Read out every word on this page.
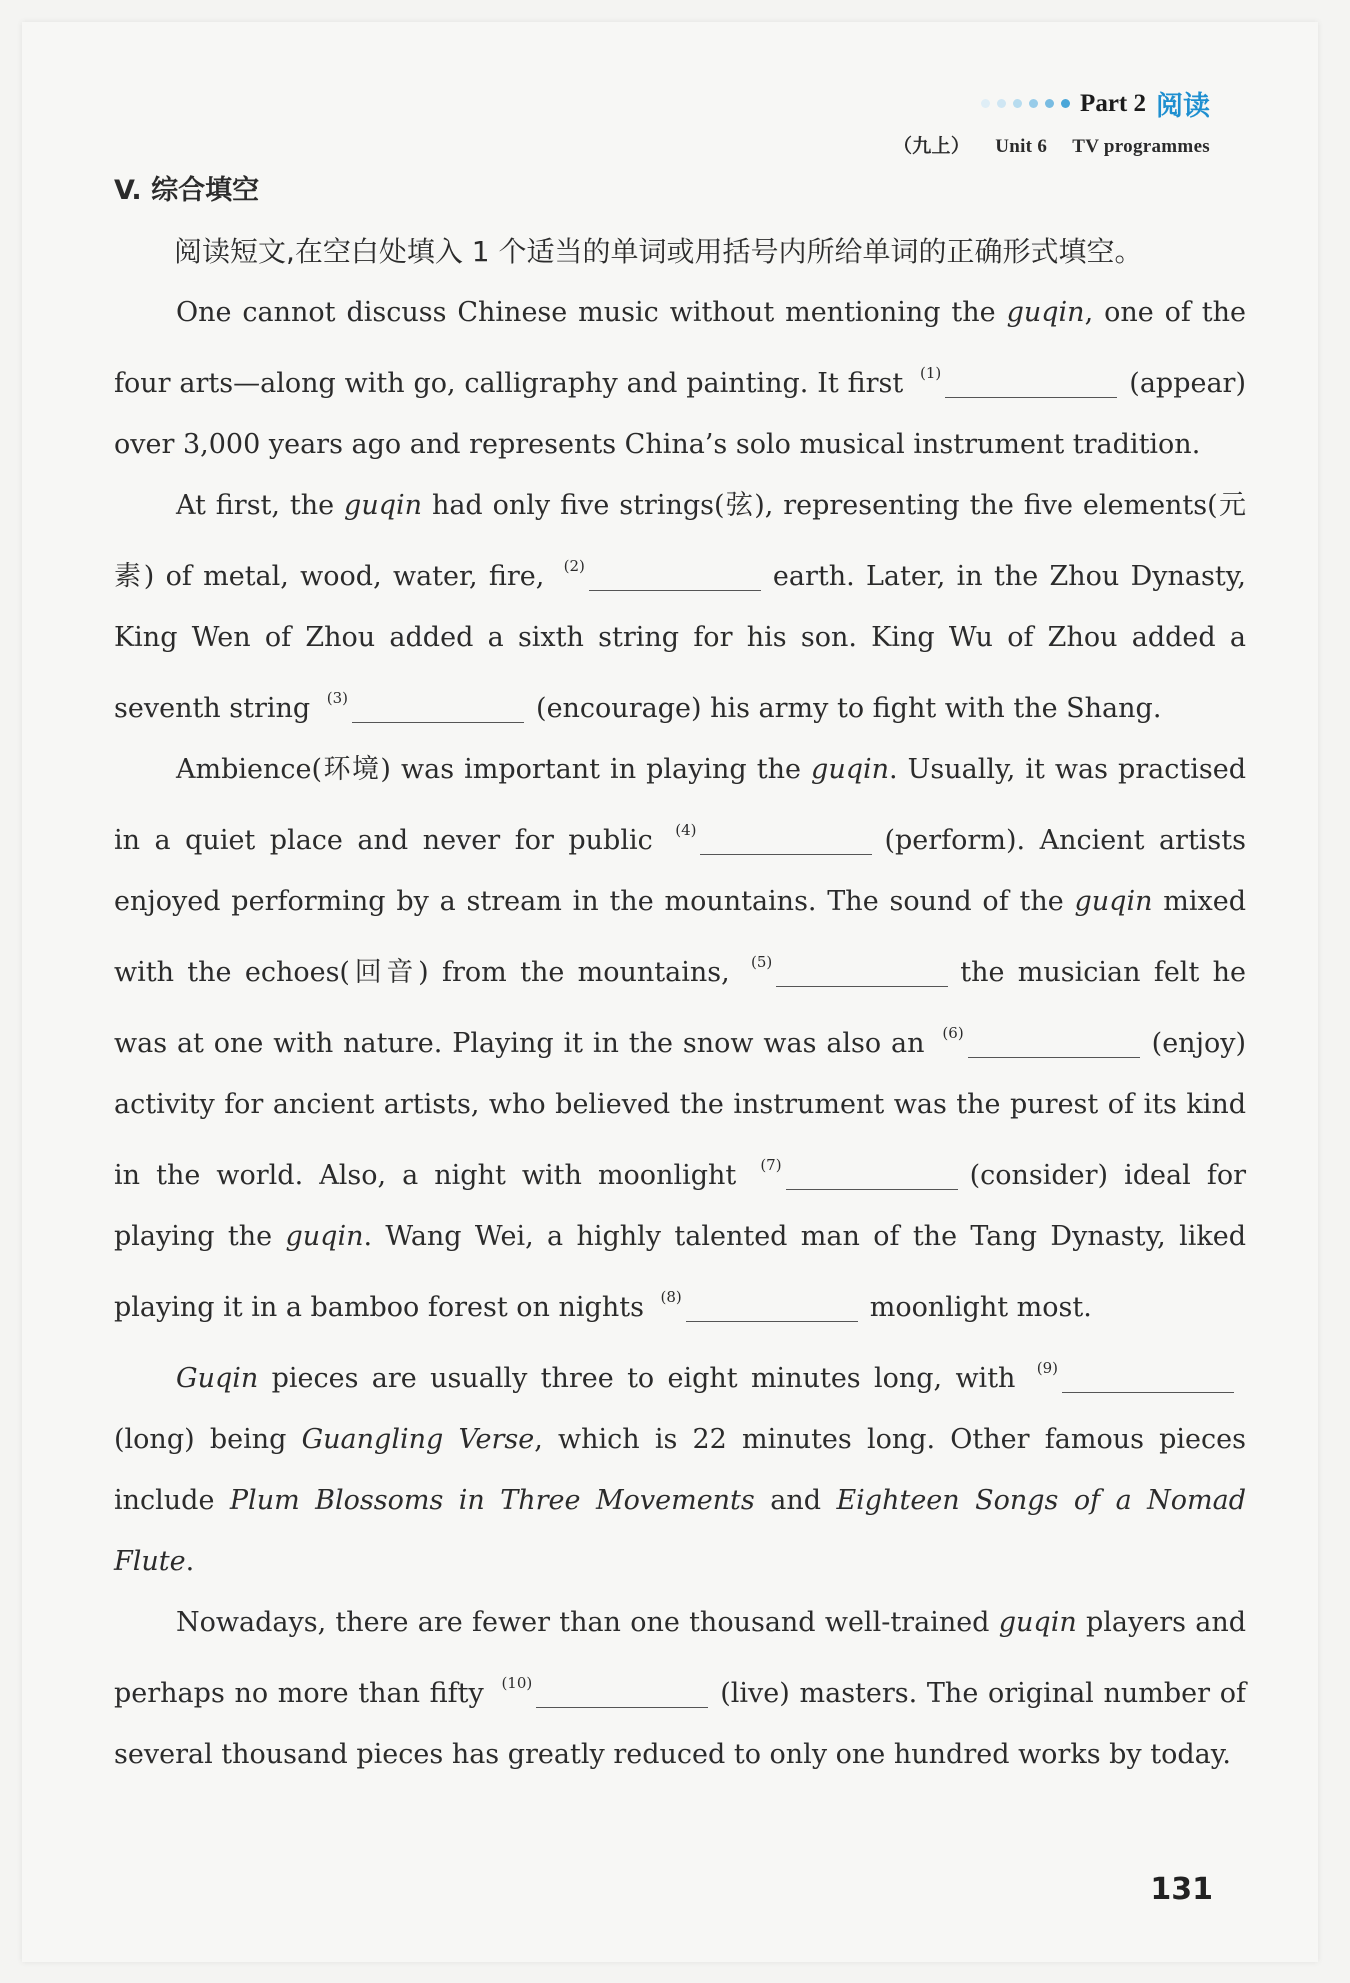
Part 2 阅读
（九上） Unit 6 TV programmes
V. 综合填空

阅读短文,在空白处填入 1 个适当的单词或用括号内所给单词的正确形式填空。

One cannot discuss Chinese music without mentioning the guqin, one of the four arts—along with go, calligraphy and painting. It first (1)	(appear) over 3,000 years ago and represents China’s solo musical instrument tradition.

At first, the guqin had only five strings(弦), representing the five elements(元素) of metal, wood, water, fire, (2)	earth. Later, in the Zhou Dynasty, King Wen of Zhou added a sixth string for his son. King Wu of Zhou added a seventh string (3)	(encourage) his army to fight with the Shang.

Ambience(环境) was important in playing the guqin. Usually, it was practised in a quiet place and never for public (4)	(perform). Ancient artists enjoyed performing by a stream in the mountains. The sound of the guqin mixed with the echoes(回音) from the mountains, (5)	the musician felt he was at one with nature. Playing it in the snow was also an (6)	(enjoy) activity for ancient artists, who believed the instrument was the purest of its kind in the world. Also, a night with moonlight (7)	(consider) ideal for playing the guqin. Wang Wei, a highly talented man of the Tang Dynasty, liked playing it in a bamboo forest on nights (8)	moonlight most.

Guqin pieces are usually three to eight minutes long, with (9)(long) being Guangling Verse, which is 22 minutes long. Other famous pieces include Plum Blossoms in Three Movements and Eighteen Songs of a Nomad Flute.

Nowadays, there are fewer than one thousand well-trained guqin players and perhaps no more than fifty (10)	(live) masters. The original number of several thousand pieces has greatly reduced to only one hundred works by today.

131
